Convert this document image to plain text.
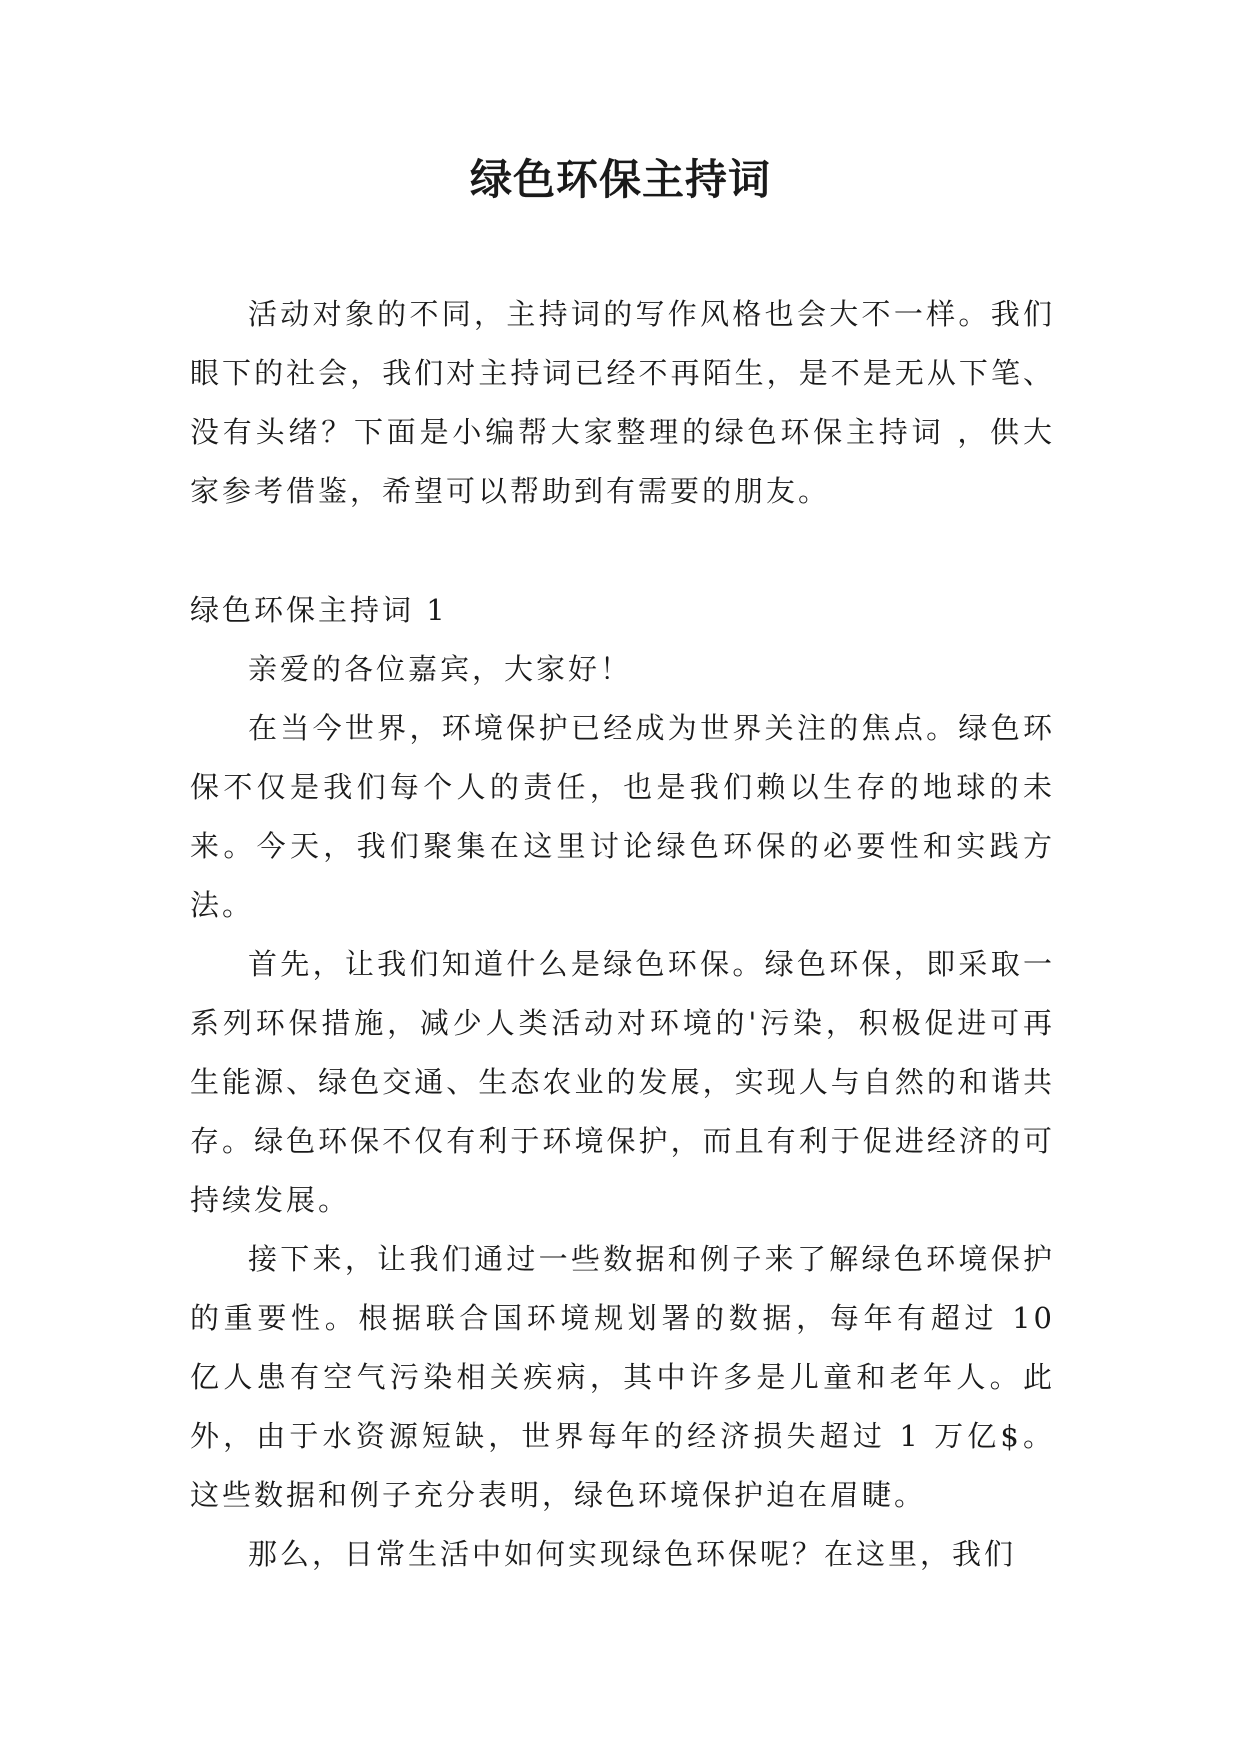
绿色环保主持词

活动对象的不同，主持词的写作风格也会大不一样。我们眼下的社会，我们对主持词已经不再陌生，是不是无从下笔、没有头绪？下面是小编帮大家整理的绿色环保主持词 ，供大家参考借鉴，希望可以帮助到有需要的朋友。

绿色环保主持词 1

亲爱的各位嘉宾，大家好！

在当今世界，环境保护已经成为世界关注的焦点。绿色环保不仅是我们每个人的责任，也是我们赖以生存的地球的未来。今天，我们聚集在这里讨论绿色环保的必要性和实践方法。

首先，让我们知道什么是绿色环保。绿色环保，即采取一系列环保措施，减少人类活动对环境的'污染，积极促进可再生能源、绿色交通、生态农业的发展，实现人与自然的和谐共存。绿色环保不仅有利于环境保护，而且有利于促进经济的可持续发展。

接下来，让我们通过一些数据和例子来了解绿色环境保护的重要性。根据联合国环境规划署的数据，每年有超过 10 亿人患有空气污染相关疾病，其中许多是儿童和老年人。此外，由于水资源短缺，世界每年的经济损失超过 1 万亿$。这些数据和例子充分表明，绿色环境保护迫在眉睫。

那么，日常生活中如何实现绿色环保呢？在这里，我们
